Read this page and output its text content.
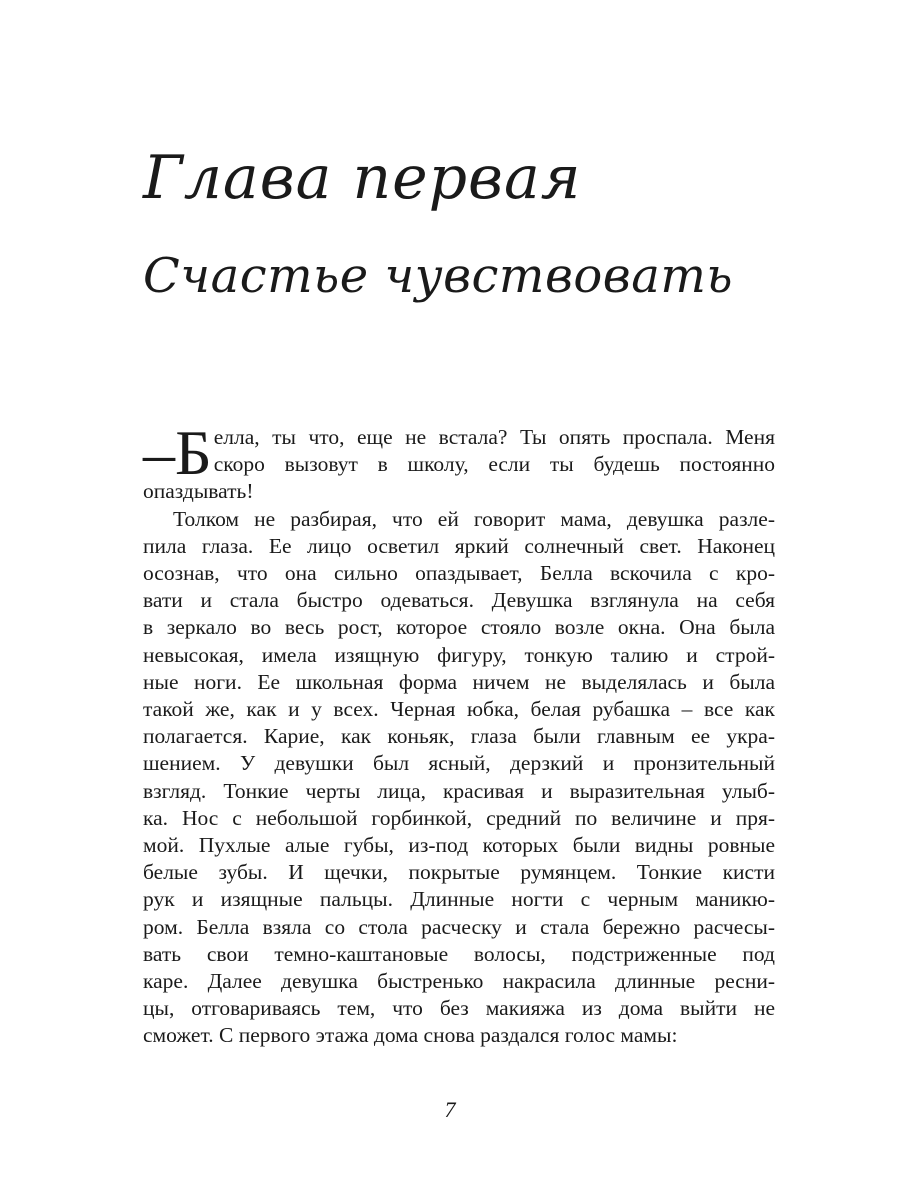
Глава первая
Счастье чувствовать
–Б елла, ты что, еще не встала? Ты опять проспала. Меня
скоро вызовут в школу, если ты будешь постоянно
опаздывать!
Толком не разбирая, что ей говорит мама, девушка разле-
пила глаза. Ее лицо осветил яркий солнечный свет. Наконец
осознав, что она сильно опаздывает, Белла вскочила с кро-
вати и стала быстро одеваться. Девушка взглянула на себя
в зеркало во весь рост, которое стояло возле окна. Она была
невысокая, имела изящную фигуру, тонкую талию и строй-
ные ноги. Ее школьная форма ничем не выделялась и была
такой же, как и у всех. Черная юбка, белая рубашка – все как
полагается. Карие, как коньяк, глаза были главным ее укра-
шением. У девушки был ясный, дерзкий и пронзительный
взгляд. Тонкие черты лица, красивая и выразительная улыб-
ка. Нос с небольшой горбинкой, средний по величине и пря-
мой. Пухлые алые губы, из-под которых были видны ровные
белые зубы. И щечки, покрытые румянцем. Тонкие кисти
рук и изящные пальцы. Длинные ногти с черным маникю-
ром. Белла взяла со стола расческу и стала бережно расчесы-
вать свои темно-каштановые волосы, подстриженные под
каре. Далее девушка быстренько накрасила длинные ресни-
цы, отговариваясь тем, что без макияжа из дома выйти не
сможет. С первого этажа дома снова раздался голос мамы:
7
